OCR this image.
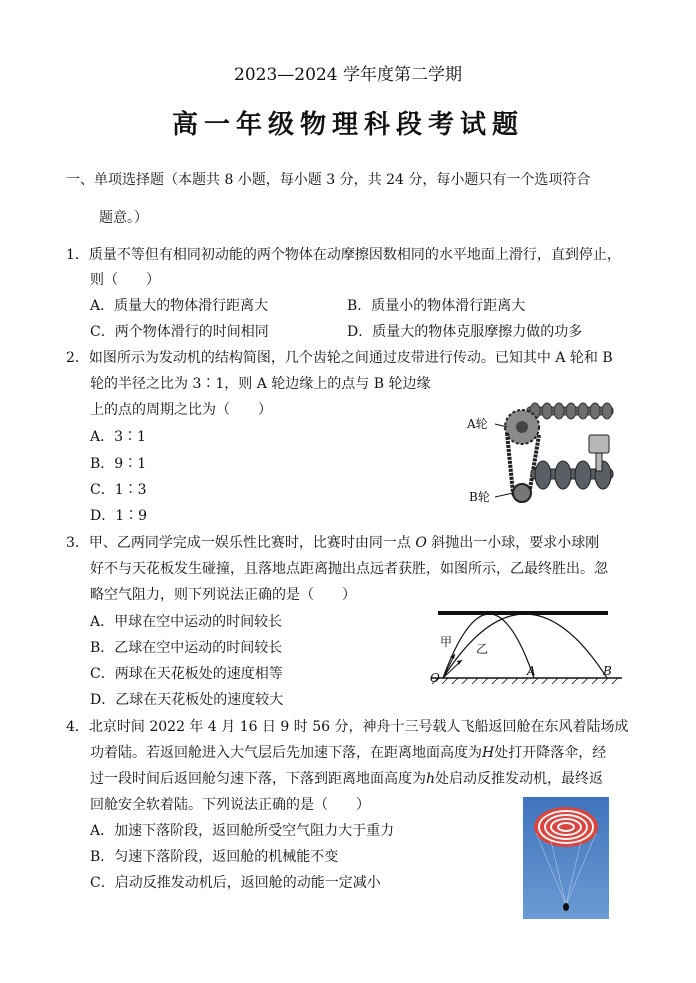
2023—2024 学年度第二学期
高一年级物理科段考试题
一、单项选择题（本题共 8 小题，每小题 3 分，共 24 分，每小题只有一个选项符合
题意。）
1．质量不等但有相同初动能的两个物体在动摩擦因数相同的水平地面上滑行，直到停止，
则（　　）
A．质量大的物体滑行距离大	B．质量小的物体滑行距离大
C．两个物体滑行的时间相同	D．质量大的物体克服摩擦力做的功多
2．如图所示为发动机的结构简图，几个齿轮之间通过皮带进行传动。已知其中 A 轮和 B
轮的半径之比为 3∶1，则 A 轮边缘上的点与 B 轮边缘
上的点的周期之比为（　　）
A．3∶1
B．9∶1
C．1∶3
D．1∶9
A轮
B轮
3．甲、乙两同学完成一娱乐性比赛时，比赛时由同一点 O 斜抛出一小球，要求小球刚
好不与天花板发生碰撞，且落地点距离抛出点远者获胜，如图所示，乙最终胜出。忽
略空气阻力，则下列说法正确的是（　　）
A．甲球在空中运动的时间较长
B．乙球在空中运动的时间较长
C．两球在天花板处的速度相等
D．乙球在天花板处的速度较大
甲 乙
O	A	B
4．北京时间 2022 年 4 月 16 日 9 时 56 分，神舟十三号载人飞船返回舱在东风着陆场成
功着陆。若返回舱进入大气层后先加速下落，在距离地面高度为H处打开降落伞，经
过一段时间后返回舱匀速下落，下落到距离地面高度为h处启动反推发动机，最终返
回舱安全软着陆。下列说法正确的是（　　）
A．加速下落阶段，返回舱所受空气阻力大于重力
B．匀速下落阶段，返回舱的机械能不变
C．启动反推发动机后，返回舱的动能一定减小
